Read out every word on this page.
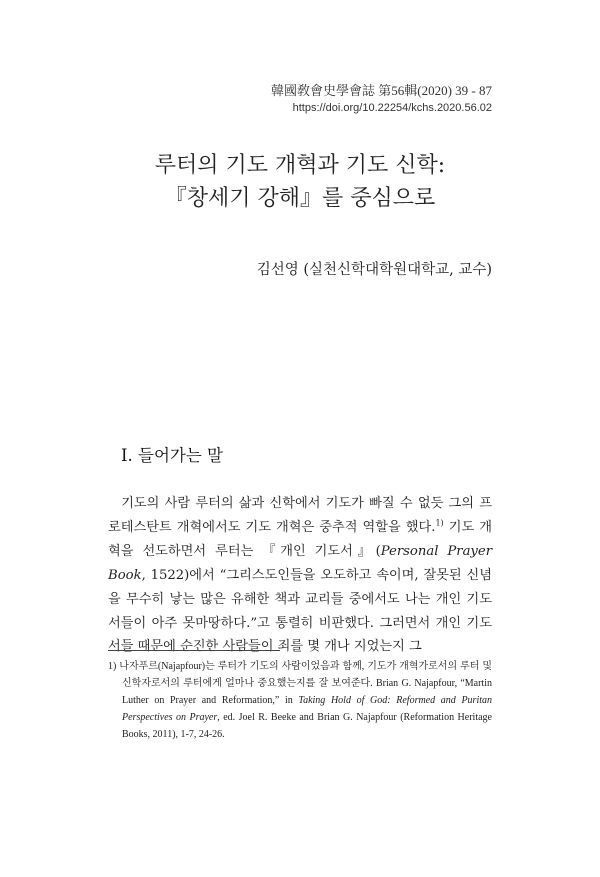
韓國敎會史學會誌 第56輯(2020) 39 - 87
https://doi.org/10.22254/kchs.2020.56.02
루터의 기도 개혁과 기도 신학:
『창세기 강해』를 중심으로
김선영 (실천신학대학원대학교, 교수)
I. 들어가는 말

기도의 사람 루터의 삶과 신학에서 기도가 빠질 수 없듯 그의 프로테스탄트 개혁에서도 기도 개혁은 중추적 역할을 했다.$^{1)}$ 기도 개혁을 선도하면서 루터는 『개인 기도서』(Personal Prayer Book, 1522)에서 “그리스도인들을 오도하고 속이며, 잘못된 신념을 무수히 낳는 많은 유해한 책과 교리들 중에서도 나는 개인 기도서들이 아주 못마땅하다.”고 통렬히 비판했다. 그러면서 개인 기도서들 때문에 순진한 사람들이 죄를 몇 개나 지었는지 그

1) 나자푸르(Najapfour)는 루터가 기도의 사람이었음과 함께, 기도가 개혁가로서의 루터 및 신학자로서의 루터에게 얼마나 중요했는지를 잘 보여준다. Brian G. Najapfour, “Martin Luther on Prayer and Reformation,” in Taking Hold of God: Reformed and Puritan Perspectives on Prayer, ed. Joel R. Beeke and Brian G. Najapfour (Reformation Heritage Books, 2011), 1-7, 24-26.
